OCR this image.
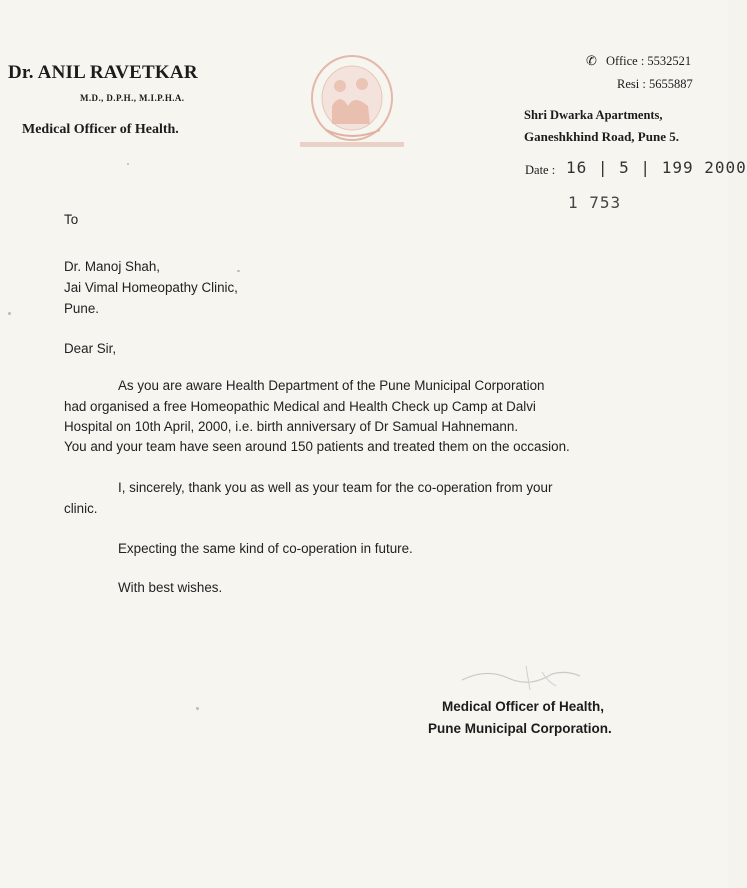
Dr. ANIL RAVETKAR
M.D., D.P.H., M.I.P.H.A.
Medical Officer of Health.
✆ Office : 5532521
Resi : 5655887
Shri Dwarka Apartments,
Ganeshkhind Road, Pune 5.
Date : 16 | 5 | 199 2000
1 753
To
Dr. Manoj Shah,
Jai Vimal Homeopathy Clinic,
Pune.
Dear Sir,
As you are aware Health Department of the Pune Municipal Corporation
had organised a free Homeopathic Medical and Health Check up Camp at Dalvi
Hospital on 10th April, 2000, i.e. birth anniversary of Dr Samual Hahnemann.
You and your team have seen around 150 patients and treated them on the occasion.
I, sincerely, thank you as well as your team for the co-operation from your
clinic.
Expecting the same kind of co-operation in future.
With best wishes.
Medical Officer of Health,
Pune Municipal Corporation.
